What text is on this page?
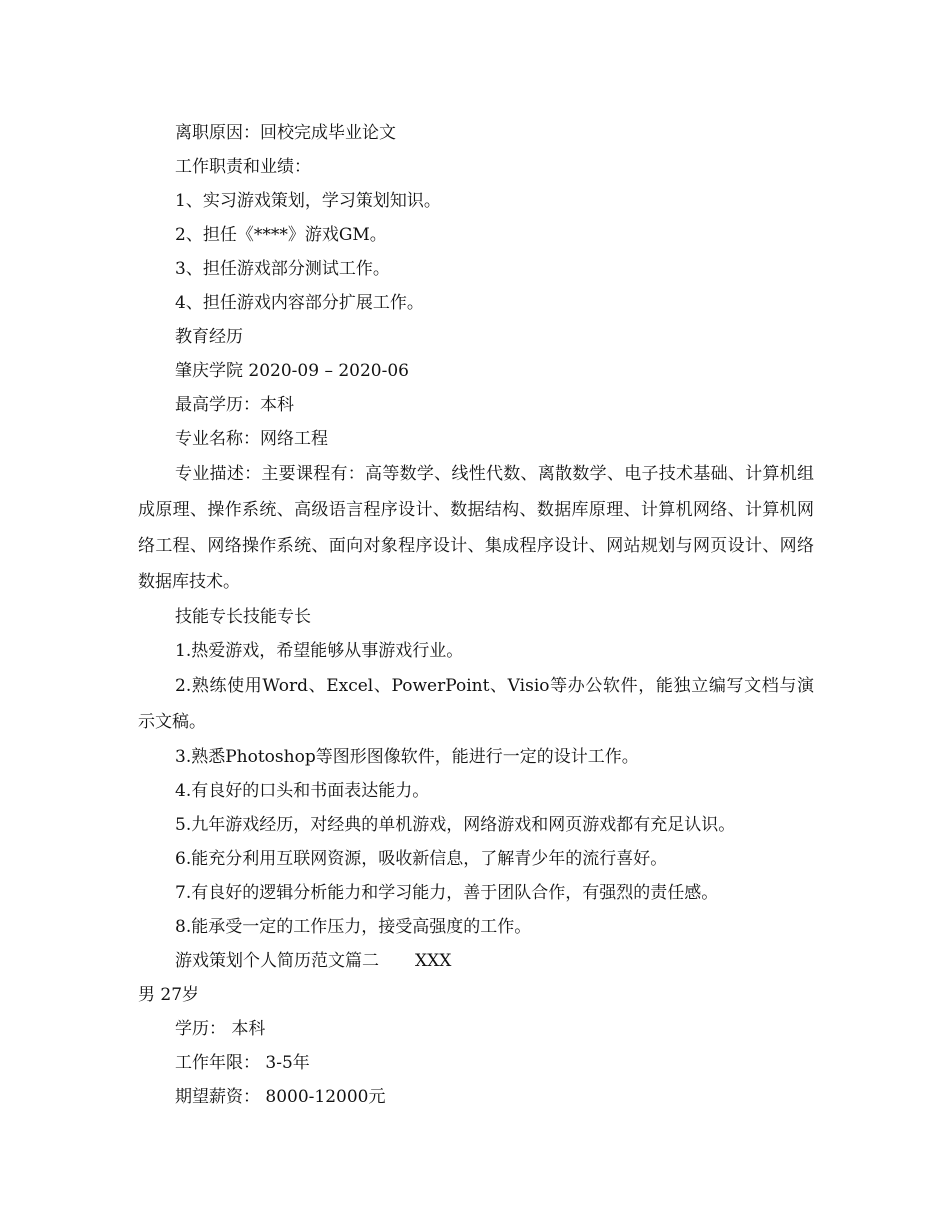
离职原因：回校完成毕业论文

工作职责和业绩：

1、实习游戏策划，学习策划知识。

2、担任《****》游戏GM。

3、担任游戏部分测试工作。

4、担任游戏内容部分扩展工作。

教育经历

肇庆学院 2020-09 – 2020-06

最高学历：本科

专业名称：网络工程

专业描述：主要课程有：高等数学、线性代数、离散数学、电子技术基础、计算机组成原理、操作系统、高级语言程序设计、数据结构、数据库原理、计算机网络、计算机网络工程、网络操作系统、面向对象程序设计、集成程序设计、网站规划与网页设计、网络数据库技术。

技能专长技能专长

1.热爱游戏，希望能够从事游戏行业。

2.熟练使用Word、Excel、PowerPoint、Visio等办公软件，能独立编写文档与演示文稿。

3.熟悉Photoshop等图形图像软件，能进行一定的设计工作。

4.有良好的口头和书面表达能力。

5.九年游戏经历，对经典的单机游戏，网络游戏和网页游戏都有充足认识。

6.能充分利用互联网资源，吸收新信息，了解青少年的流行喜好。

7.有良好的逻辑分析能力和学习能力，善于团队合作，有强烈的责任感。

8.能承受一定的工作压力，接受高强度的工作。

游戏策划个人简历范文篇二 XXX

男 27岁

学历： 本科

工作年限： 3-5年

期望薪资： 8000-12000元
